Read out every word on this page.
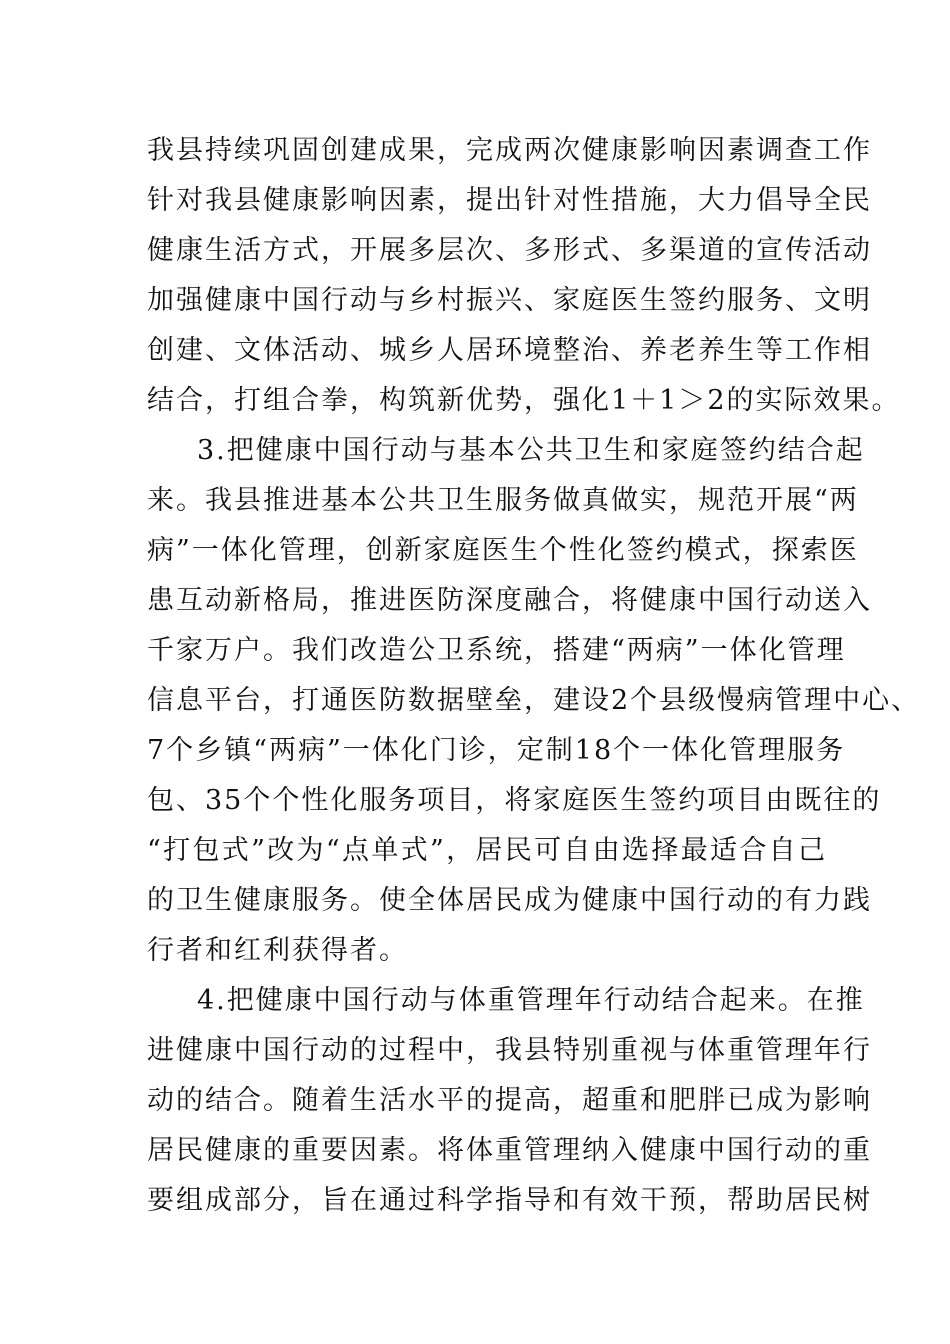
我县持续巩固创建成果，完成两次健康影响因素调查工作
针对我县健康影响因素，提出针对性措施，大力倡导全民
健康生活方式，开展多层次、多形式、多渠道的宣传活动
加强健康中国行动与乡村振兴、家庭医生签约服务、文明
创建、文体活动、城乡人居环境整治、养老养生等工作相
结合，打组合拳，构筑新优势，强化1＋1＞2的实际效果。
3.把健康中国行动与基本公共卫生和家庭签约结合起
来。我县推进基本公共卫生服务做真做实，规范开展“两
病”一体化管理，创新家庭医生个性化签约模式，探索医
患互动新格局，推进医防深度融合，将健康中国行动送入
千家万户。我们改造公卫系统，搭建“两病”一体化管理
信息平台，打通医防数据壁垒，建设2个县级慢病管理中心、
7个乡镇“两病”一体化门诊，定制18个一体化管理服务
包、35个个性化服务项目，将家庭医生签约项目由既往的
“打包式”改为“点单式”，居民可自由选择最适合自己
的卫生健康服务。使全体居民成为健康中国行动的有力践
行者和红利获得者。
4.把健康中国行动与体重管理年行动结合起来。在推
进健康中国行动的过程中，我县特别重视与体重管理年行
动的结合。随着生活水平的提高，超重和肥胖已成为影响
居民健康的重要因素。将体重管理纳入健康中国行动的重
要组成部分，旨在通过科学指导和有效干预，帮助居民树
